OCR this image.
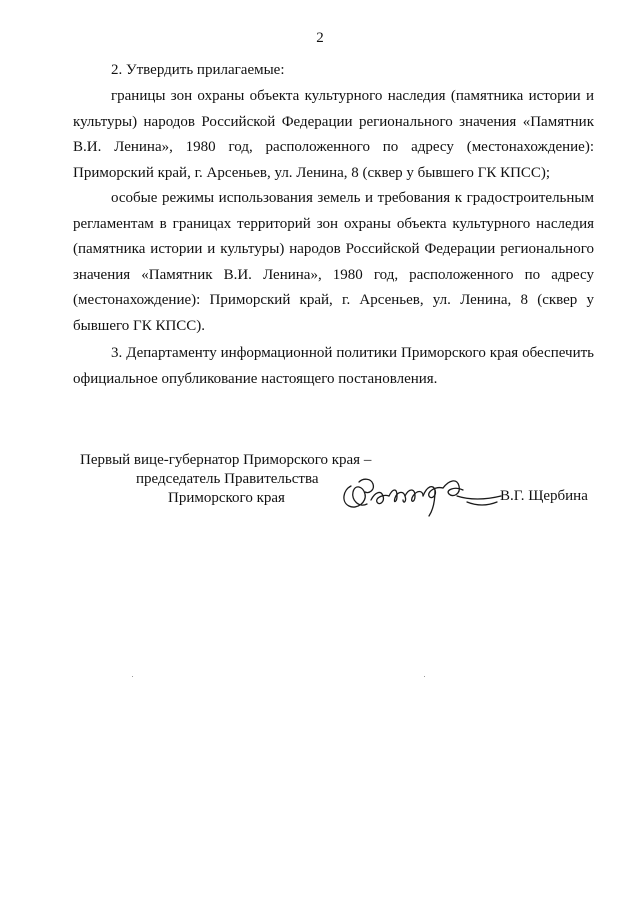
2

2. Утвердить прилагаемые:

границы зон охраны объекта культурного наследия (памятника истории и культуры) народов Российской Федерации регионального значения «Памятник В.И. Ленина», 1980 год, расположенного по адресу (местонахождение): Приморский край, г. Арсеньев, ул. Ленина, 8 (сквер у бывшего ГК КПСС);

особые режимы использования земель и требования к градостроительным регламентам в границах территорий зон охраны объекта культурного наследия (памятника истории и культуры) народов Российской Федерации регионального значения «Памятник В.И. Ленина», 1980 год, расположенного по адресу (местонахождение): Приморский край, г. Арсеньев, ул. Ленина, 8 (сквер у бывшего ГК КПСС).

3. Департаменту информационной политики Приморского края обеспечить официальное опубликование настоящего постановления.

Первый вице-губернатор Приморского края –
председатель Правительства
Приморского края	В.Г. Щербина
